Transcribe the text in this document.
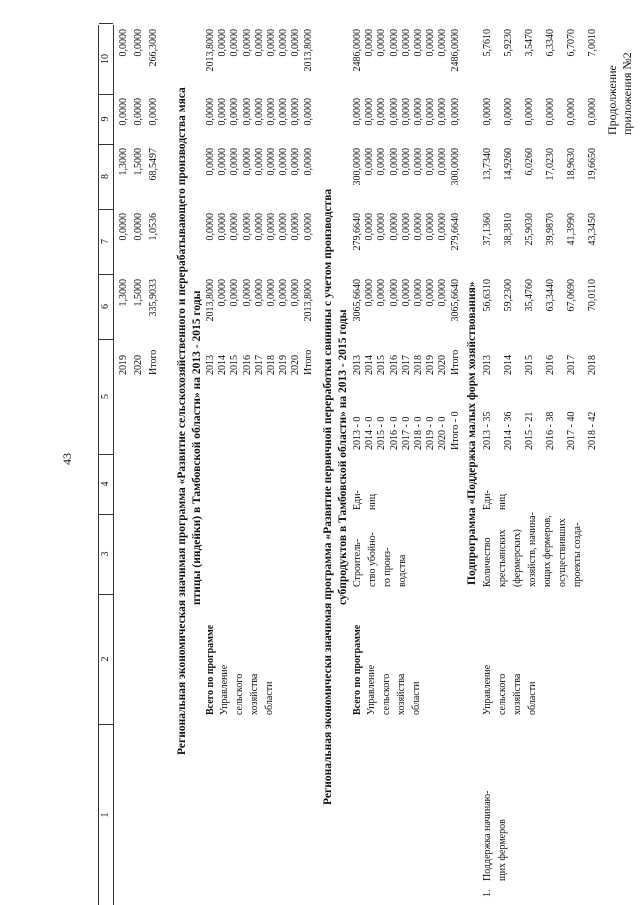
43
Продолжение приложения №2
1
2
3
4
5
6
7
8
9
10
2019
1,3000
0,0000
1,3000
0,0000
0,0000
2020
1,5000
0,0000
1,5000
0,0000
0,0000
Итого
335,9033
1,0536
68,5497
0,0000
266,3000
Региональная экономическая значимая программа «Развитие сельскохозяйственного и перерабатывающего производства мяса птицы (индейки) в Тамбовской области» на 2013 - 2015 годы
Всего по программе Управление сельского хозяйства области
2013
2013,8000
0,0000
0,0000
0,0000
2013,8000
2014
0,0000
0,0000
0,0000
0,0000
0,0000
2015
0,0000
0,0000
0,0000
0,0000
0,0000
2016
0,0000
0,0000
0,0000
0,0000
0,0000
2017
0,0000
0,0000
0,0000
0,0000
0,0000
2018
0,0000
0,0000
0,0000
0,0000
0,0000
2019
0,0000
0,0000
0,0000
0,0000
0,0000
2020
0,0000
0,0000
0,0000
0,0000
0,0000
Итого
2013,8000
0,0000
0,0000
0,0000
2013,8000
Региональная экономически значимая программа «Развитие первичной переработки свинины с учетом производства субпродуктов в Тамбовской области» на 2013 - 2015 годы
Всего по программе Управление сельского хозяйства области
Строитель- ство убойно- го произ- водства
Еди- ниц
2013 - 0
2013
3065,6640
279,6640
300,0000
0,0000
2486,0000
2014 - 0
2014
0,0000
0,0000
0,0000
0,0000
0,0000
2015 - 0
2015
0,0000
0,0000
0,0000
0,0000
0,0000
2016 - 0
2016
0,0000
0,0000
0,0000
0,0000
0,0000
2017 - 0
2017
0,0000
0,0000
0,0000
0,0000
0,0000
2018 - 0
2018
0,0000
0,0000
0,0000
0,0000
0,0000
2019 - 0
2019
0,0000
0,0000
0,0000
0,0000
0,0000
2020 - 0
2020
0,0000
0,0000
0,0000
0,0000
0,0000
Итого - 0
Итого
3065,6640
279,6640
300,0000
0,0000
2486,0000
Подпрограмма «Поддержка малых форм хозяйствования»
1.
Поддержка начинаю- щих фермеров
Управление сельского хозяйства области
Количество крестьянских (фермерских) хозяйств, начина- ющих фермеров, осуществивших проекты созда-
Еди- ниц
2013 - 35
2013
56,6310
37,1360
13,7340
0,0000
5,7610
2014 - 36
2014
59,2300
38,3810
14,9260
0,0000
5,9230
2015 - 21
2015
35,4760
25,9030
6,0260
0,0000
3,5470
2016 - 38
2016
63,3440
39,9870
17,0230
0,0000
6,3340
2017 - 40
2017
67,0690
41,3990
18,9630
0,0000
6,7070
2018 - 42
2018
70,0110
43,3450
19,6650
0,0000
7,0010
